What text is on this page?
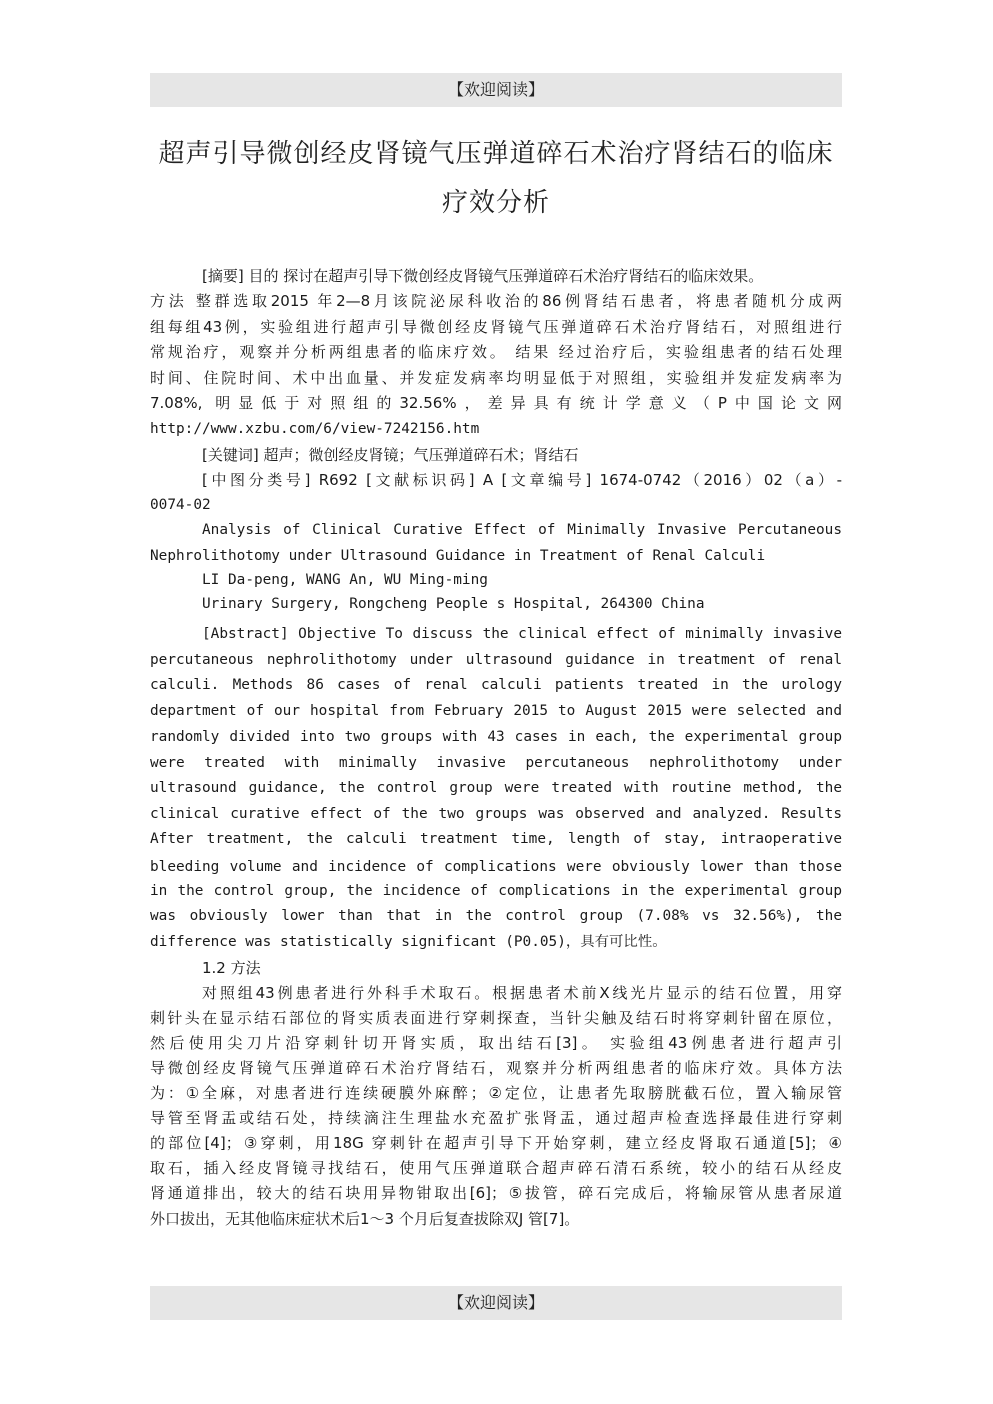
【欢迎阅读】
超声引导微创经皮肾镜气压弹道碎石术治疗肾结石的临床
疗效分析
[摘要] 目的 探讨在超声引导下微创经皮肾镜气压弹道碎石术治疗肾结石的临床效果。
方法 整群选取2015 年2—8月该院泌尿科收治的86例肾结石患者，将患者随机分成两
组每组43例，实验组进行超声引导微创经皮肾镜气压弹道碎石术治疗肾结石，对照组进行
常规治疗，观察并分析两组患者的临床疗效。 结果 经过治疗后，实验组患者的结石处理
时间、住院时间、术中出血量、并发症发病率均明显低于对照组，实验组并发症发病率为
7.08%, 明显低于对照组的32.56%，差异具有统计学意义（P中国论文网
http://www.xzbu.com/6/view-7242156.htm
[关键词] 超声；微创经皮肾镜；气压弹道碎石术；肾结石
[中图分类号] R692 [文献标识码] A [文章编号] 1674-0742（2016）02（a）-
0074-02
Analysis of Clinical Curative Effect of Minimally Invasive Percutaneous
Nephrolithotomy under Ultrasound Guidance in Treatment of Renal Calculi
LI Da-peng, WANG An, WU Ming-ming
Urinary Surgery, Rongcheng People s Hospital, 264300 China
[Abstract] Objective To discuss the clinical effect of minimally invasive
percutaneous nephrolithotomy under ultrasound guidance in treatment of renal
calculi. Methods 86 cases of renal calculi patients treated in the urology
department of our hospital from February 2015 to August 2015 were selected and
randomly divided into two groups with 43 cases in each, the experimental group
were treated with minimally invasive percutaneous nephrolithotomy under
ultrasound guidance, the control group were treated with routine method, the
clinical curative effect of the two groups was observed and analyzed. Results
After treatment, the calculi treatment time, length of stay, intraoperative
bleeding volume and incidence of complications were obviously lower than those
in the control group, the incidence of complications in the experimental group
was obviously lower than that in the control group (7.08% vs 32.56%), the
difference was statistically significant (P0.05)，具有可比性。
1.2 方法
对照组43例患者进行外科手术取石。根据患者术前X线光片显示的结石位置，用穿
刺针头在显示结石部位的肾实质表面进行穿刺探查，当针尖触及结石时将穿刺针留在原位，
然后使用尖刀片沿穿刺针切开肾实质，取出结石[3]。 实验组43例患者进行超声引
导微创经皮肾镜气压弹道碎石术治疗肾结石，观察并分析两组患者的临床疗效。具体方法
为：①全麻，对患者进行连续硬膜外麻醉；②定位，让患者先取膀胱截石位，置入输尿管
导管至肾盂或结石处，持续滴注生理盐水充盈扩张肾盂，通过超声检查选择最佳进行穿刺
的部位[4]；③穿刺，用18G 穿刺针在超声引导下开始穿刺，建立经皮肾取石通道[5]；④
取石，插入经皮肾镜寻找结石，使用气压弹道联合超声碎石清石系统，较小的结石从经皮
肾通道排出，较大的结石块用异物钳取出[6]；⑤拔管，碎石完成后，将输尿管从患者尿道
外口拔出，无其他临床症状术后1～3 个月后复查拔除双J 管[7]。
【欢迎阅读】
